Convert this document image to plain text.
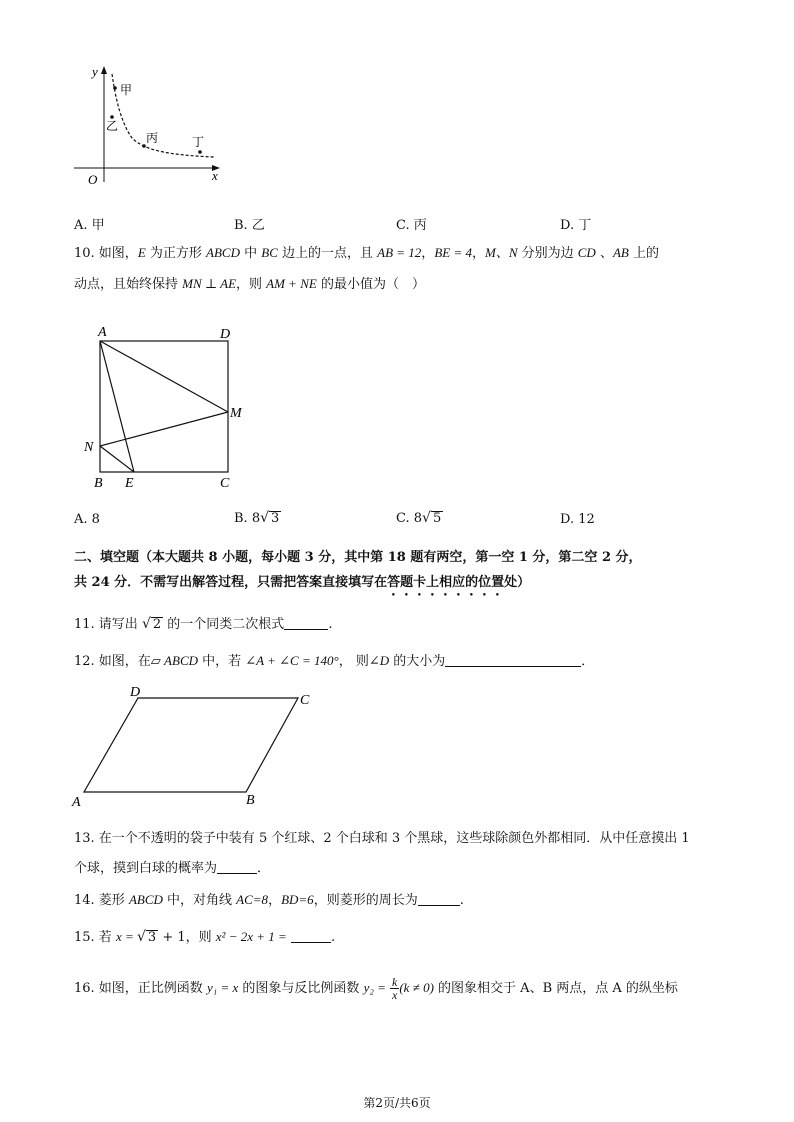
y
x
O
甲
乙
丙	丁
A. 甲	B. 乙	C. 丙	D. 丁
10. 如图，E 为正方形 ABCD 中 BC 边上的一点，且 AB = 12，BE = 4，M、N 分别为边 CD 、AB 上的
动点，且始终保持 MN ⊥ AE，则 AM + NE 的最小值为（　）
A	D
M
N
B E	C
A. 8	B. 8√ 3	C. 8√ 5	D. 12
二、填空题（本大题共 8 小题，每小题 3 分，其中第 18 题有两空，第一空 1 分，第二空 2 分，
共 24 分．不需写出解答过程，只需把答案直接填写在答题卡上相应的位置处）
11. 请写出 √ 2 的一个同类二次根式	.
12. 如图，在▱ ABCD 中，若 ∠A + ∠C = 140°， 则∠D 的大小为	．
D
C
A	B
13. 在一个不透明的袋子中装有 5 个红球、2 个白球和 3 个黑球，这些球除颜色外都相同．从中任意摸出 1
个球，摸到白球的概率为	．
14. 菱形 ABCD 中，对角线 AC=8，BD=6，则菱形的周长为	.
15. 若 x = √ 3 + 1，则 x² − 2x + 1 =	.
16. 如图，正比例函数 y₁ = x 的图象与反比例函数 $y_2 = \frac{k}{x} (k \ne 0)$ 的图象相交于 A、B 两点，点 A 的纵坐标
第2页/共6页
